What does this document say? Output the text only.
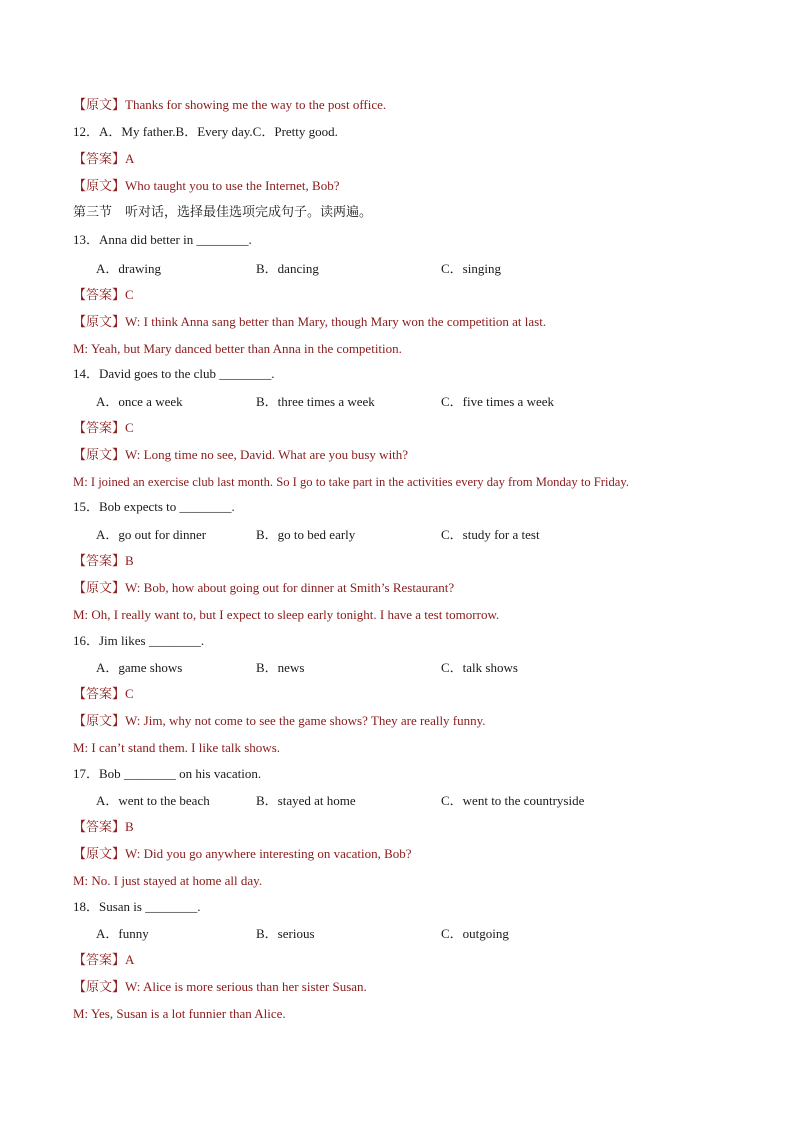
【原文】Thanks for showing me the way to the post office.
12．A．My father.B．Every day.C．Pretty good.
【答案】A
【原文】Who taught you to use the Internet, Bob?
第三节　听对话，选择最佳选项完成句子。读两遍。
13．Anna did better in ________.
A．drawing	B．dancing	C．singing
【答案】C
【原文】W: I think Anna sang better than Mary, though Mary won the competition at last.
M: Yeah, but Mary danced better than Anna in the competition.
14．David goes to the club ________.
A．once a week	B．three times a week	C．five times a week
【答案】C
【原文】W: Long time no see, David. What are you busy with?
M: I joined an exercise club last month. So I go to take part in the activities every day from Monday to Friday.
15．Bob expects to ________.
A．go out for dinner	B．go to bed early	C．study for a test
【答案】B
【原文】W: Bob, how about going out for dinner at Smith’s Restaurant?
M: Oh, I really want to, but I expect to sleep early tonight. I have a test tomorrow.
16．Jim likes ________.
A．game shows	B．news	C．talk shows
【答案】C
【原文】W: Jim, why not come to see the game shows? They are really funny.
M: I can’t stand them. I like talk shows.
17．Bob ________ on his vacation.
A．went to the beach	B．stayed at home	C．went to the countryside
【答案】B
【原文】W: Did you go anywhere interesting on vacation, Bob?
M: No. I just stayed at home all day.
18．Susan is ________.
A．funny	B．serious	C．outgoing
【答案】A
【原文】W: Alice is more serious than her sister Susan.
M: Yes, Susan is a lot funnier than Alice.
